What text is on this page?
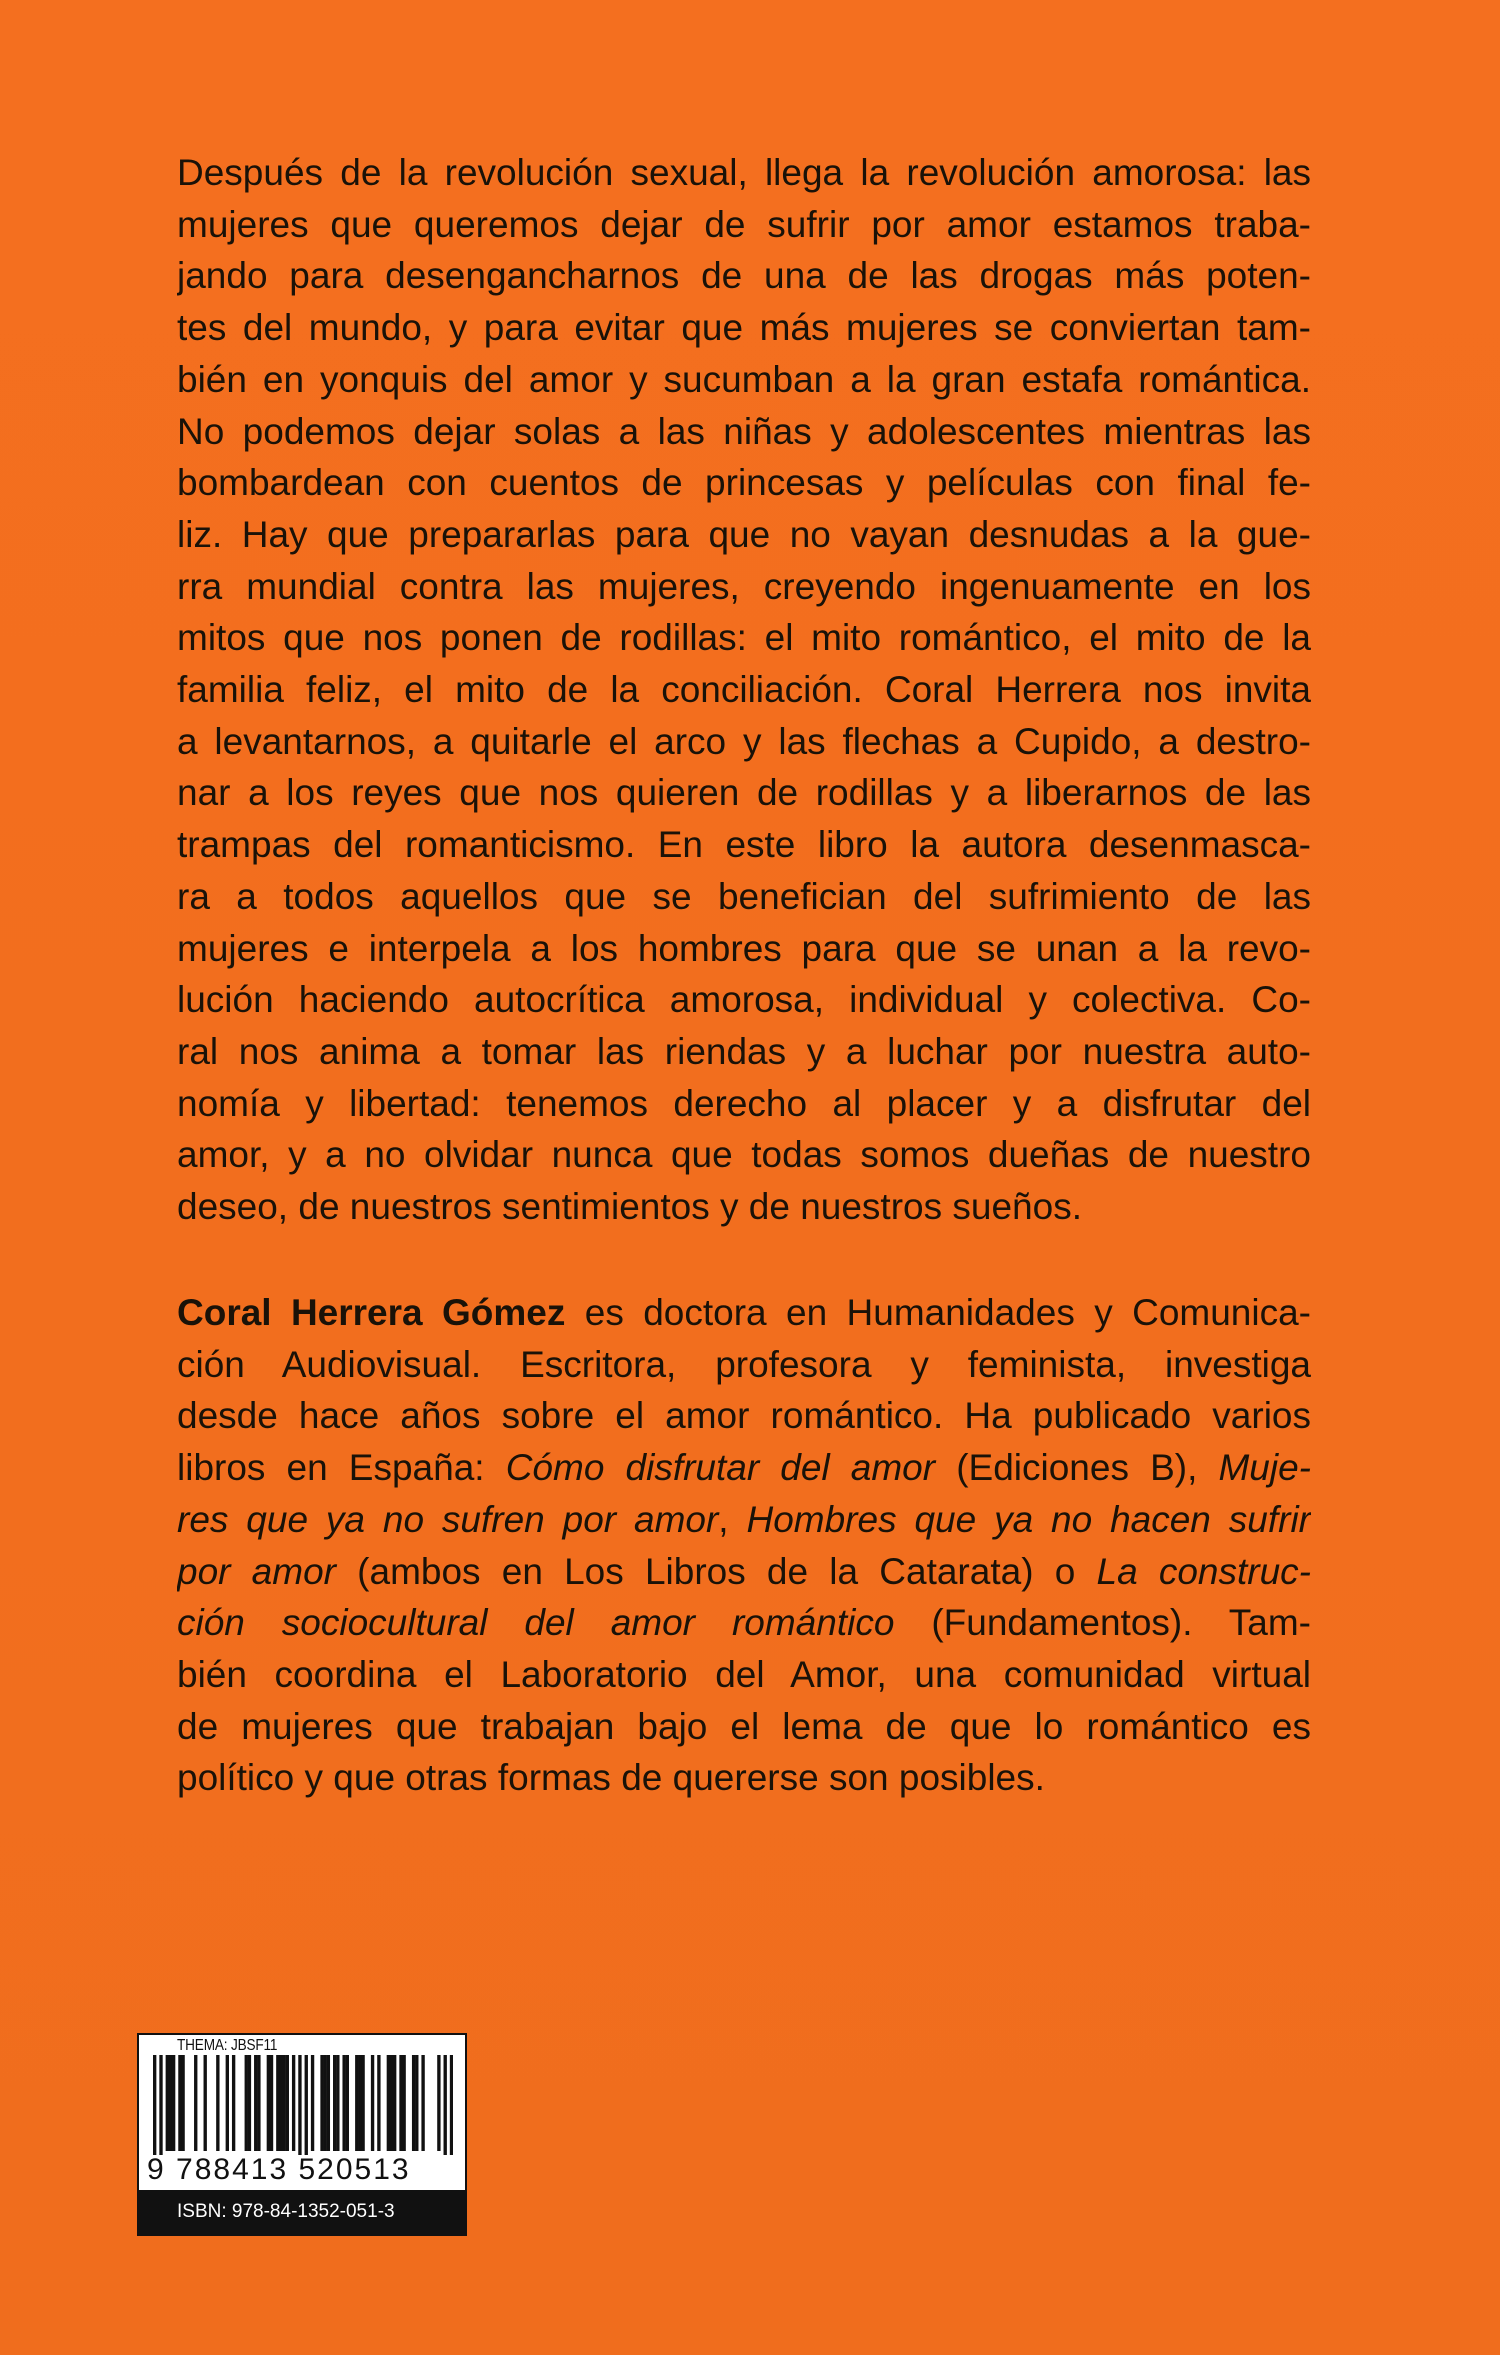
Después de la revolución sexual, llega la revolución amorosa: las
mujeres que queremos dejar de sufrir por amor estamos traba-
jando para desengancharnos de una de las drogas más poten-
tes del mundo, y para evitar que más mujeres se conviertan tam-
bién en yonquis del amor y sucumban a la gran estafa romántica.
No podemos dejar solas a las niñas y adolescentes mientras las
bombardean con cuentos de princesas y películas con final fe-
liz. Hay que prepararlas para que no vayan desnudas a la gue-
rra mundial contra las mujeres, creyendo ingenuamente en los
mitos que nos ponen de rodillas: el mito romántico, el mito de la
familia feliz, el mito de la conciliación. Coral Herrera nos invita
a levantarnos, a quitarle el arco y las flechas a Cupido, a destro-
nar a los reyes que nos quieren de rodillas y a liberarnos de las
trampas del romanticismo. En este libro la autora desenmasca-
ra a todos aquellos que se benefician del sufrimiento de las
mujeres e interpela a los hombres para que se unan a la revo-
lución haciendo autocrítica amorosa, individual y colectiva. Co-
ral nos anima a tomar las riendas y a luchar por nuestra auto-
nomía y libertad: tenemos derecho al placer y a disfrutar del
amor, y a no olvidar nunca que todas somos dueñas de nuestro
deseo, de nuestros sentimientos y de nuestros sueños.
Coral Herrera Gómez es doctora en Humanidades y Comunica-
ción Audiovisual. Escritora, profesora y feminista, investiga
desde hace años sobre el amor romántico. Ha publicado varios
libros en España: Cómo disfrutar del amor (Ediciones B), Muje-
res que ya no sufren por amor, Hombres que ya no hacen sufrir
por amor (ambos en Los Libros de la Catarata) o La construc-
ción sociocultural del amor romántico (Fundamentos). Tam-
bién coordina el Laboratorio del Amor, una comunidad virtual
de mujeres que trabajan bajo el lema de que lo romántico es
político y que otras formas de quererse son posibles.
THEMA: JBSF11
9 788413 520513
ISBN: 978-84-1352-051-3
